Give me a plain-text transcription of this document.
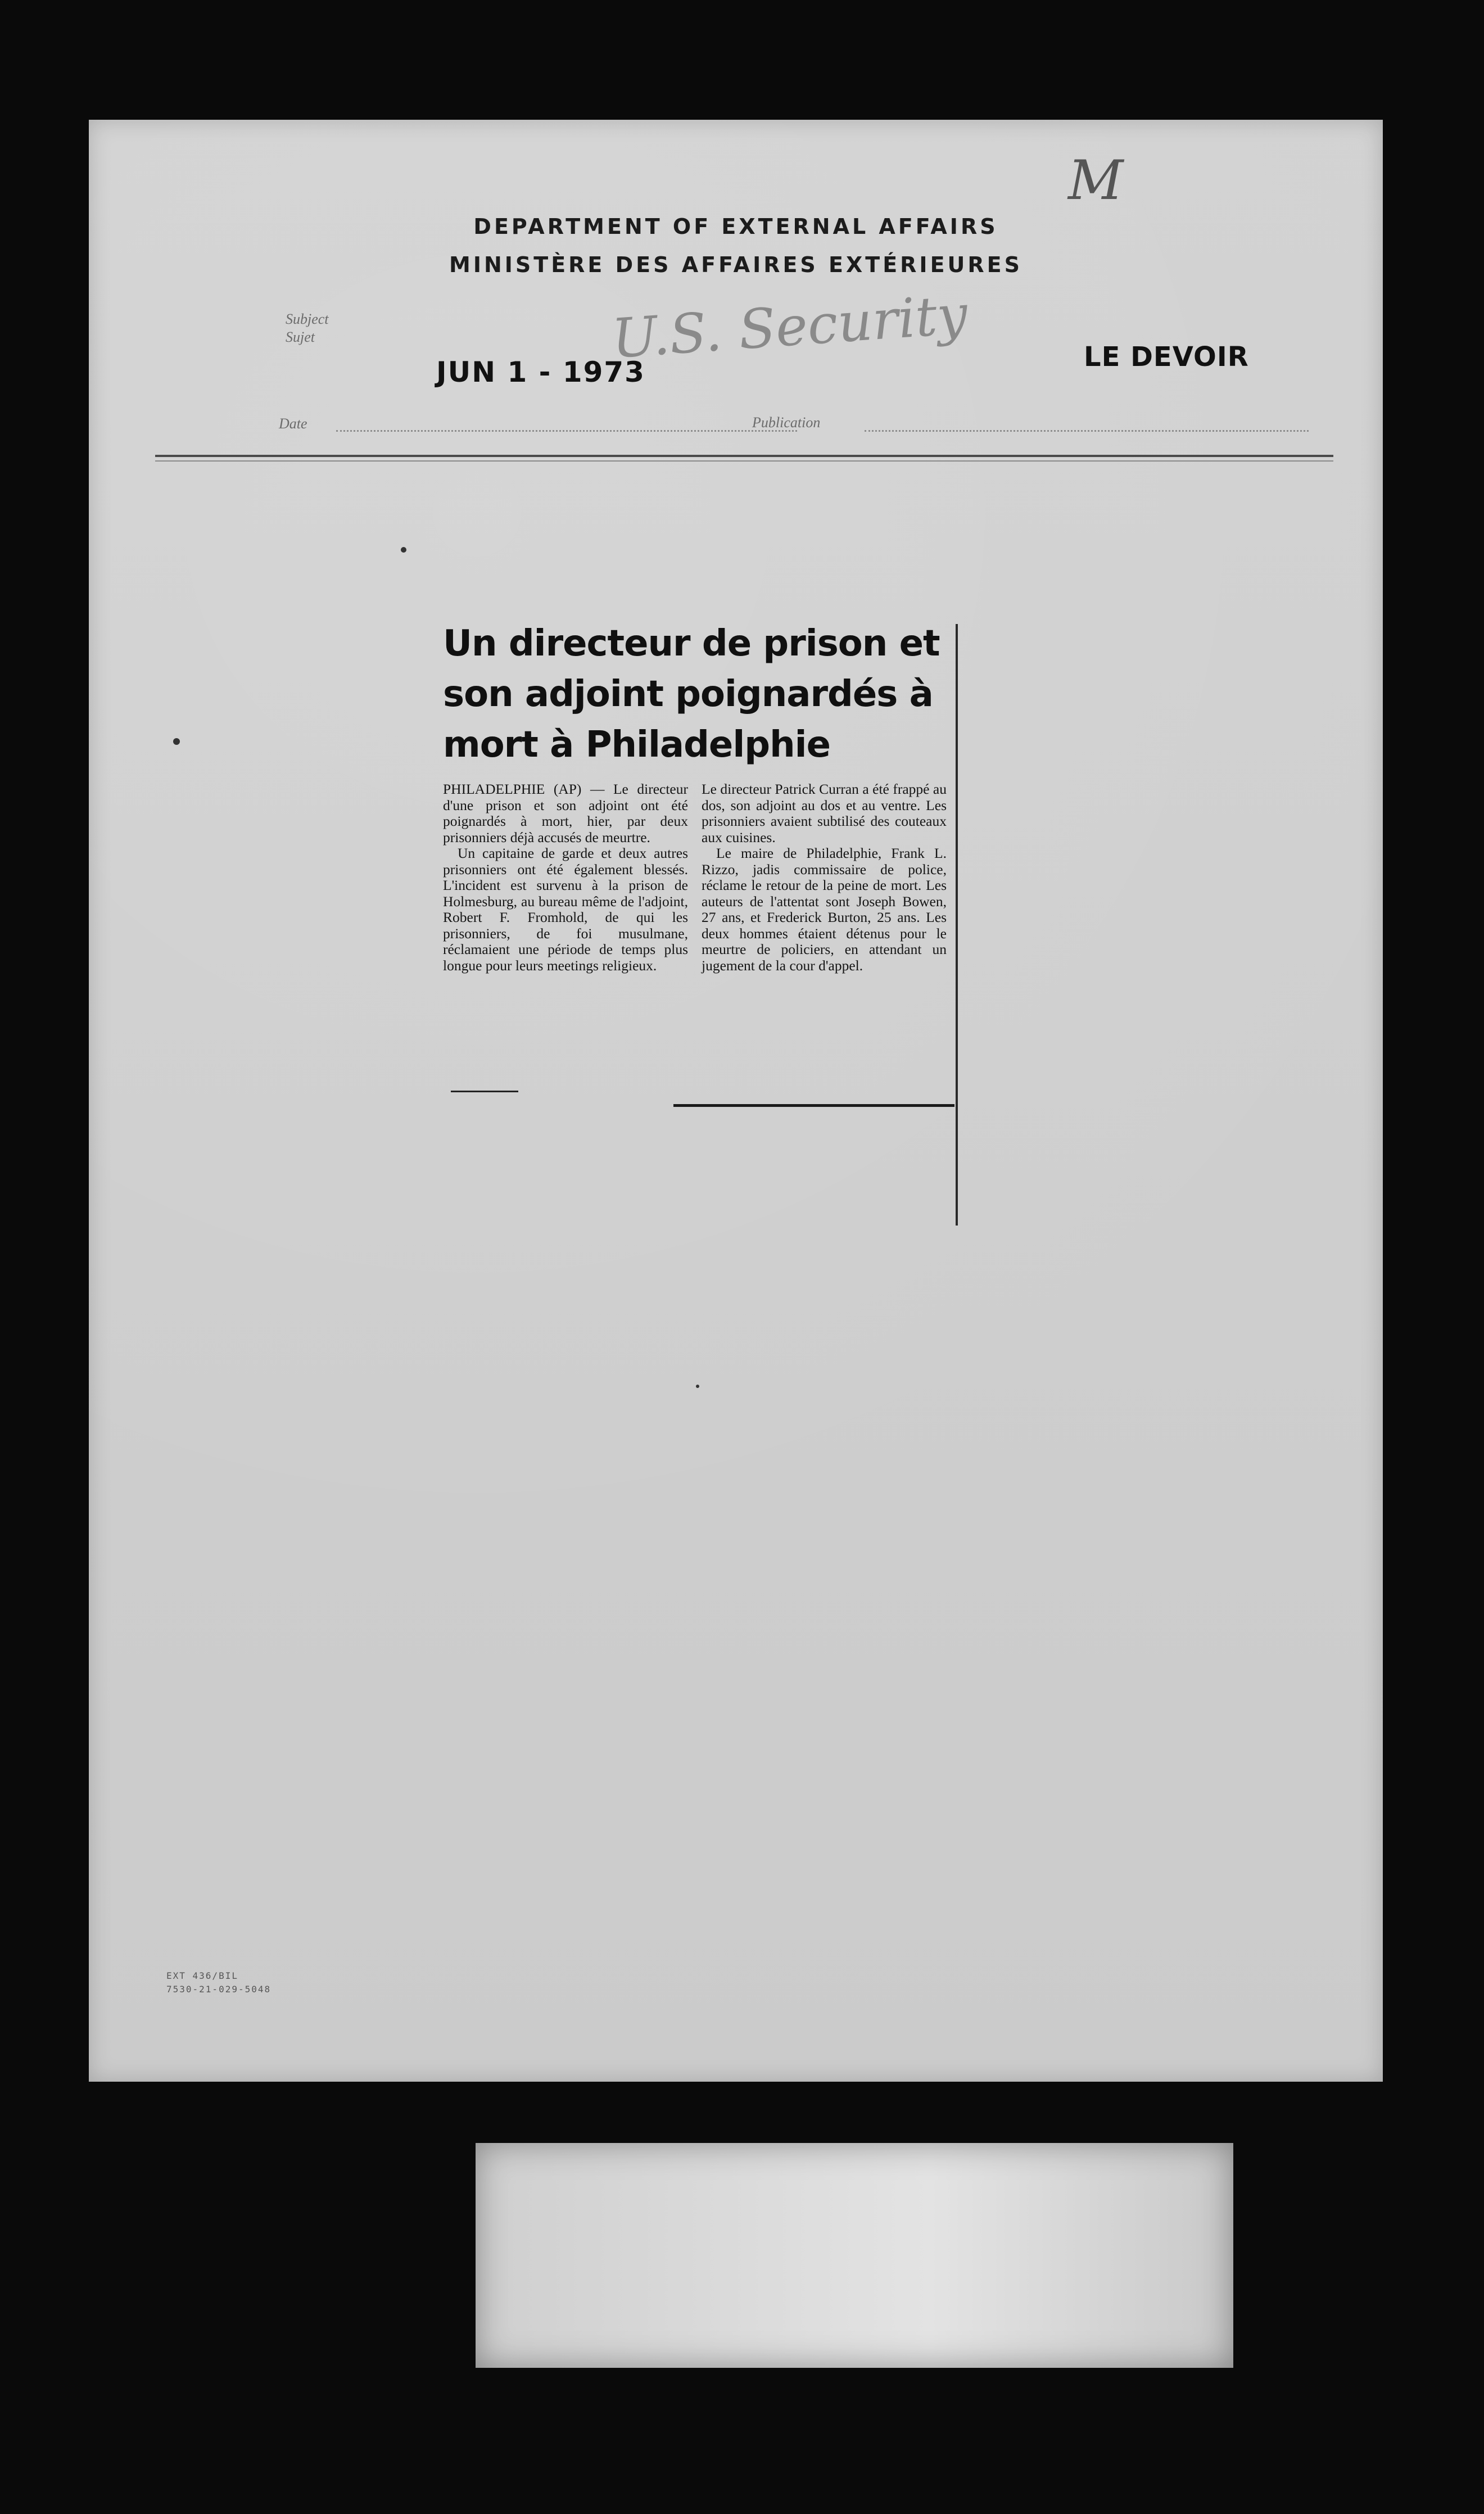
M
DEPARTMENT OF EXTERNAL AFFAIRS
MINISTÈRE DES AFFAIRES EXTÉRIEURES
Subject
Sujet	U.S. Security
JUN 1 - 1973	LE DEVOIR
Date	Publication
EXT 436/BIL
7530-21-029-5048
Un directeur de prison et son adjoint poignardés à mort à Philadelphie

PHILADELPHIE (AP) — Le directeur d'une prison et son adjoint ont été poignardés à mort, hier, par deux prisonniers déjà accusés de meurtre.

Un capitaine de garde et deux autres prisonniers ont été également blessés. L'incident est survenu à la prison de Holmesburg, au bureau même de l'adjoint, Robert F. Fromhold, de qui les prisonniers, de foi musulmane, réclamaient une période de temps plus longue pour leurs meetings religieux.

Le directeur Patrick Curran a été frappé au dos, son adjoint au dos et au ventre. Les prisonniers avaient subtilisé des couteaux aux cuisines.

Le maire de Philadelphie, Frank L. Rizzo, jadis commissaire de police, réclame le retour de la peine de mort. Les auteurs de l'attentat sont Joseph Bowen, 27 ans, et Frederick Burton, 25 ans. Les deux hommes étaient détenus pour le meurtre de policiers, en attendant un jugement de la cour d'appel.
